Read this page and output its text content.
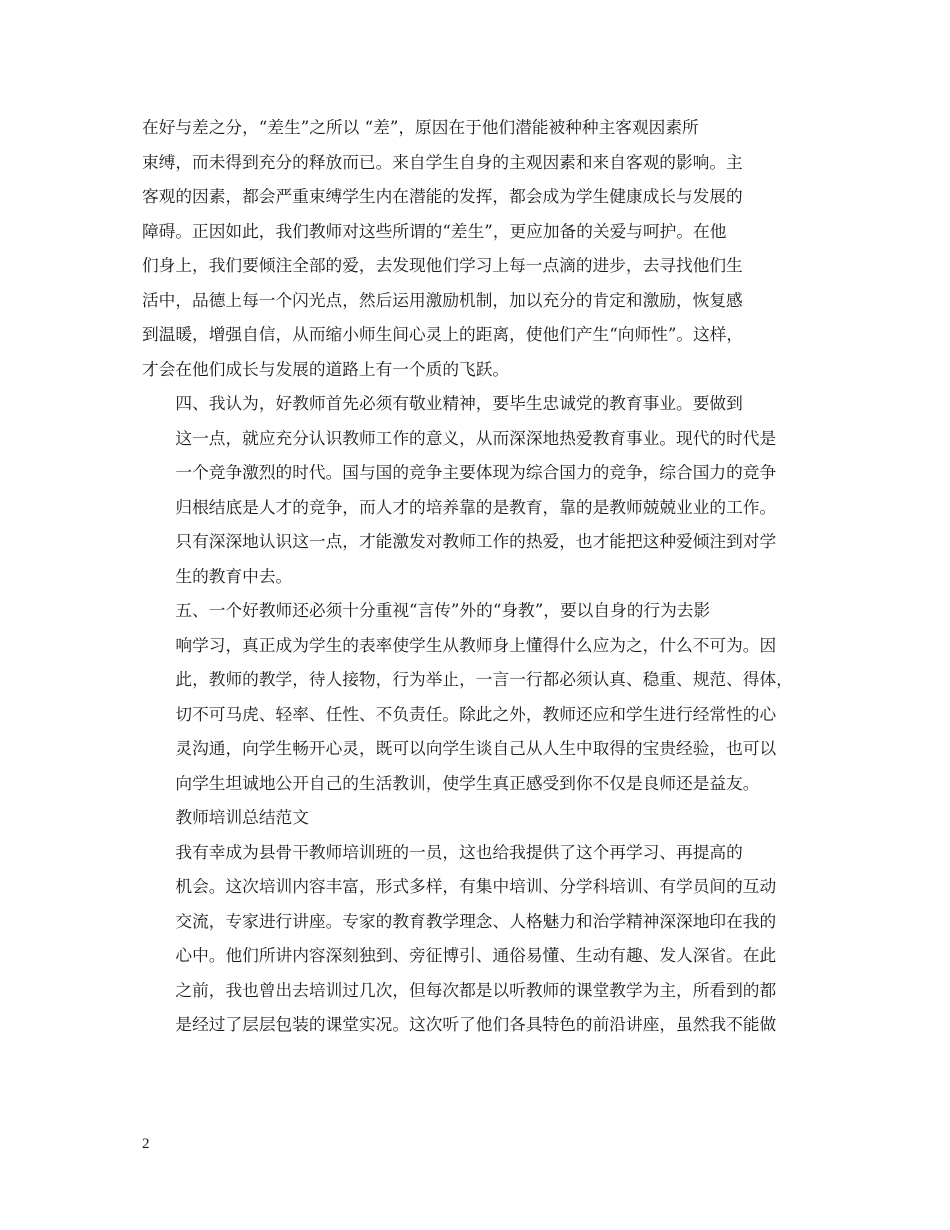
在好与差之分，“差生”之所以 “差”，原因在于他们潜能被种种主客观因素所
束缚，而未得到充分的释放而已。来自学生自身的主观因素和来自客观的影响。主
客观的因素，都会严重束缚学生内在潜能的发挥，都会成为学生健康成长与发展的
障碍。正因如此，我们教师对这些所谓的“差生”，更应加备的关爱与呵护。在他
们身上，我们要倾注全部的爱，去发现他们学习上每一点滴的进步，去寻找他们生
活中，品德上每一个闪光点，然后运用激励机制，加以充分的肯定和激励，恢复感
到温暖，增强自信，从而缩小师生间心灵上的距离，使他们产生“向师性”。这样，
才会在他们成长与发展的道路上有一个质的飞跃。
四、我认为，好教师首先必须有敬业精神，要毕生忠诚党的教育事业。要做到
这一点，就应充分认识教师工作的意义，从而深深地热爱教育事业。现代的时代是
一个竞争激烈的时代。国与国的竞争主要体现为综合国力的竞争，综合国力的竞争
归根结底是人才的竞争，而人才的培养靠的是教育，靠的是教师兢兢业业的工作。
只有深深地认识这一点，才能激发对教师工作的热爱，也才能把这种爱倾注到对学
生的教育中去。
五、一个好教师还必须十分重视“言传”外的“身教”，要以自身的行为去影
响学习，真正成为学生的表率使学生从教师身上懂得什么应为之，什么不可为。因
此，教师的教学，待人接物，行为举止，一言一行都必须认真、稳重、规范、得体，
切不可马虎、轻率、任性、不负责任。除此之外，教师还应和学生进行经常性的心
灵沟通，向学生畅开心灵，既可以向学生谈自己从人生中取得的宝贵经验，也可以
向学生坦诚地公开自己的生活教训，使学生真正感受到你不仅是良师还是益友。
教师培训总结范文
我有幸成为县骨干教师培训班的一员，这也给我提供了这个再学习、再提高的
机会。这次培训内容丰富，形式多样，有集中培训、分学科培训、有学员间的互动
交流，专家进行讲座。专家的教育教学理念、人格魅力和治学精神深深地印在我的
心中。他们所讲内容深刻独到、旁征博引、通俗易懂、生动有趣、发人深省。在此
之前，我也曾出去培训过几次，但每次都是以听教师的课堂教学为主，所看到的都
是经过了层层包装的课堂实况。这次听了他们各具特色的前沿讲座，虽然我不能做
2
